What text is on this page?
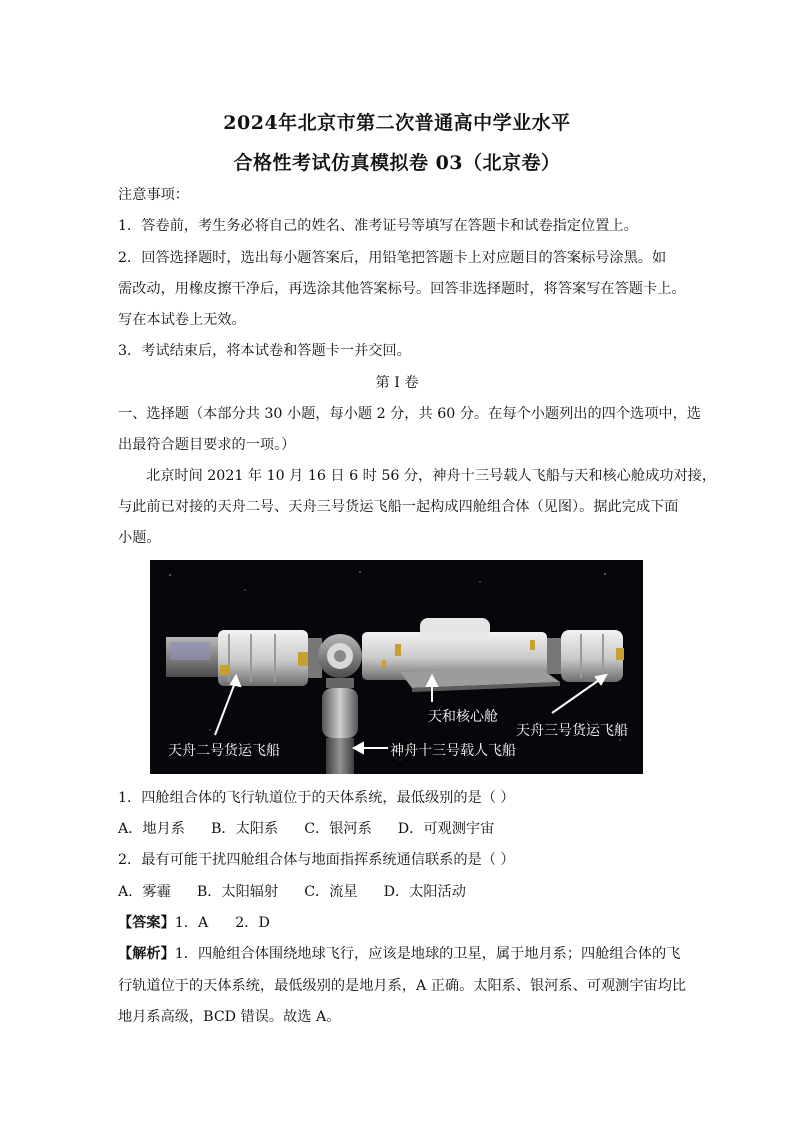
2024年北京市第二次普通高中学业水平
合格性考试仿真模拟卷 03（北京卷）
注意事项：
1．答卷前，考生务必将自己的姓名、准考证号等填写在答题卡和试卷指定位置上。
2．回答选择题时，选出每小题答案后，用铅笔把答题卡上对应题目的答案标号涂黑。如
需改动，用橡皮擦干净后，再选涂其他答案标号。回答非选择题时，将答案写在答题卡上。
写在本试卷上无效。
3．考试结束后，将本试卷和答题卡一并交回。
第 I 卷
一、选择题（本部分共 30 小题，每小题 2 分，共 60 分。在每个小题列出的四个选项中，选
出最符合题目要求的一项。）
北京时间 2021 年 10 月 16 日 6 时 56 分，神舟十三号载人飞船与天和核心舱成功对接，
与此前已对接的天舟二号、天舟三号货运飞船一起构成四舱组合体（见图）。据此完成下面
小题。
天和核心舱
天舟三号货运飞船
天舟二号货运飞船	神舟十三号载人飞船
1．四舱组合体的飞行轨道位于的天体系统，最低级别的是（ ）
A．地月系 B．太阳系 C．银河系 D．可观测宇宙
2．最有可能干扰四舱组合体与地面指挥系统通信联系的是（ ）
A．雾霾 B．太阳辐射 C．流星 D．太阳活动
【答案】1．A      2．D
【解析】1．四舱组合体围绕地球飞行，应该是地球的卫星，属于地月系；四舱组合体的飞
行轨道位于的天体系统，最低级别的是地月系，A 正确。太阳系、银河系、可观测宇宙均比
地月系高级，BCD 错误。故选 A。
